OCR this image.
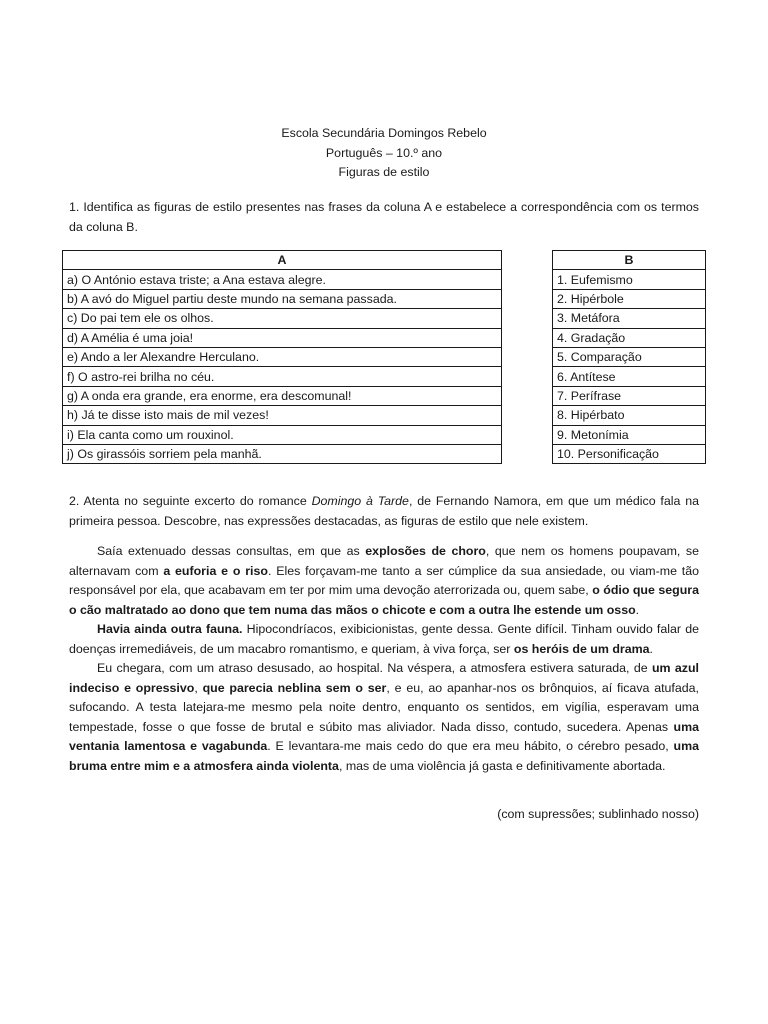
Escola Secundária Domingos Rebelo
Português – 10.º ano
Figuras de estilo

1. Identifica as figuras de estilo presentes nas frases da coluna A e estabelece a correspondência com os termos da coluna B.

A
a) O António estava triste; a Ana estava alegre.
b) A avó do Miguel partiu deste mundo na semana passada.
c) Do pai tem ele os olhos.
d) A Amélia é uma joia!
e) Ando a ler Alexandre Herculano.
f) O astro-rei brilha no céu.
g) A onda era grande, era enorme, era descomunal!
h) Já te disse isto mais de mil vezes!
i) Ela canta como um rouxinol.
j) Os girassóis sorriem pela manhã.
B
1. Eufemismo
2. Hipérbole
3. Metáfora
4. Gradação
5. Comparação
6. Antítese
7. Perífrase
8. Hipérbato
9. Metonímia
10. Personificação

2. Atenta no seguinte excerto do romance Domingo à Tarde, de Fernando Namora, em que um médico fala na primeira pessoa. Descobre, nas expressões destacadas, as figuras de estilo que nele existem.

Saía extenuado dessas consultas, em que as explosões de choro, que nem os homens poupavam, se alternavam com a euforia e o riso. Eles forçavam-me tanto a ser cúmplice da sua ansiedade, ou viam-me tão responsável por ela, que acabavam em ter por mim uma devoção aterrorizada ou, quem sabe, o ódio que segura o cão maltratado ao dono que tem numa das mãos o chicote e com a outra lhe estende um osso.

Havia ainda outra fauna. Hipocondríacos, exibicionistas, gente dessa. Gente difícil. Tinham ouvido falar de doenças irremediáveis, de um macabro romantismo, e queriam, à viva força, ser os heróis de um drama.

Eu chegara, com um atraso desusado, ao hospital. Na véspera, a atmosfera estivera saturada, de um azul indeciso e opressivo, que parecia neblina sem o ser, e eu, ao apanhar-nos os brônquios, aí ficava atufada, sufocando. A testa latejara-me mesmo pela noite dentro, enquanto os sentidos, em vigília, esperavam uma tempestade, fosse o que fosse de brutal e súbito mas aliviador. Nada disso, contudo, sucedera. Apenas uma ventania lamentosa e vagabunda. E levantara-me mais cedo do que era meu hábito, o cérebro pesado, uma bruma entre mim e a atmosfera ainda violenta, mas de uma violência já gasta e definitivamente abortada.

(com supressões; sublinhado nosso)
